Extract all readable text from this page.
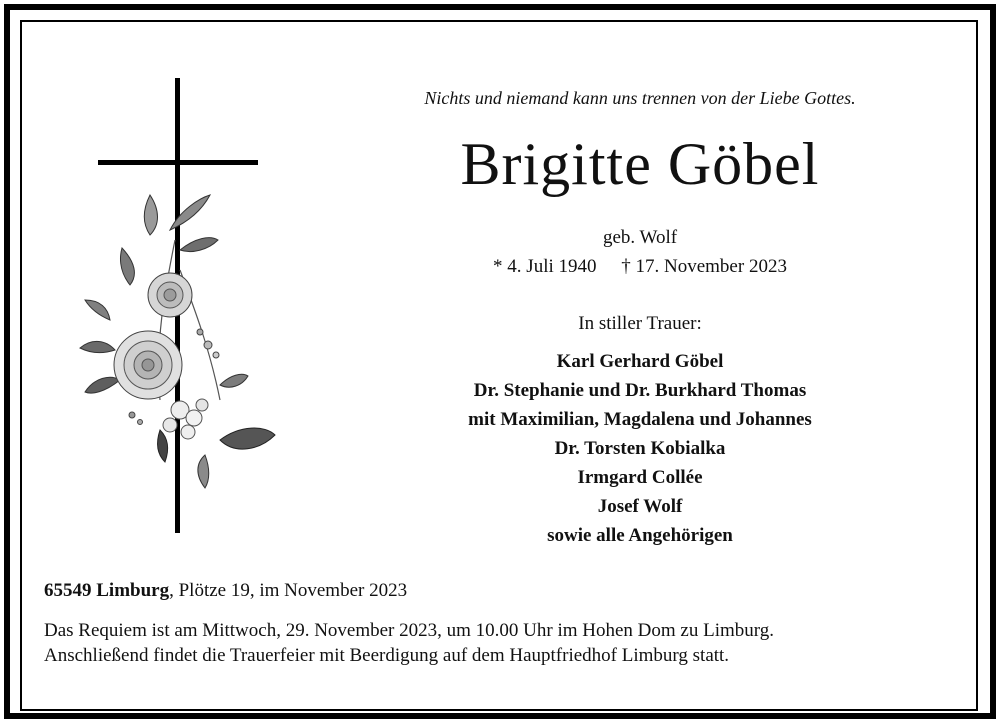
Nichts und niemand kann uns trennen von der Liebe Gottes.
Brigitte Göbel
geb. Wolf
* 4. Juli 1940 † 17. November 2023
In stiller Trauer:
Karl Gerhard Göbel
Dr. Stephanie und Dr. Burkhard Thomas
mit Maximilian, Magdalena und Johannes
Dr. Torsten Kobialka
Irmgard Collée
Josef Wolf
sowie alle Angehörigen
65549 Limburg, Plötze 19, im November 2023
Das Requiem ist am Mittwoch, 29. November 2023, um 10.00 Uhr im Hohen Dom zu Limburg.
Anschließend findet die Trauerfeier mit Beerdigung auf dem Hauptfriedhof Limburg statt.
